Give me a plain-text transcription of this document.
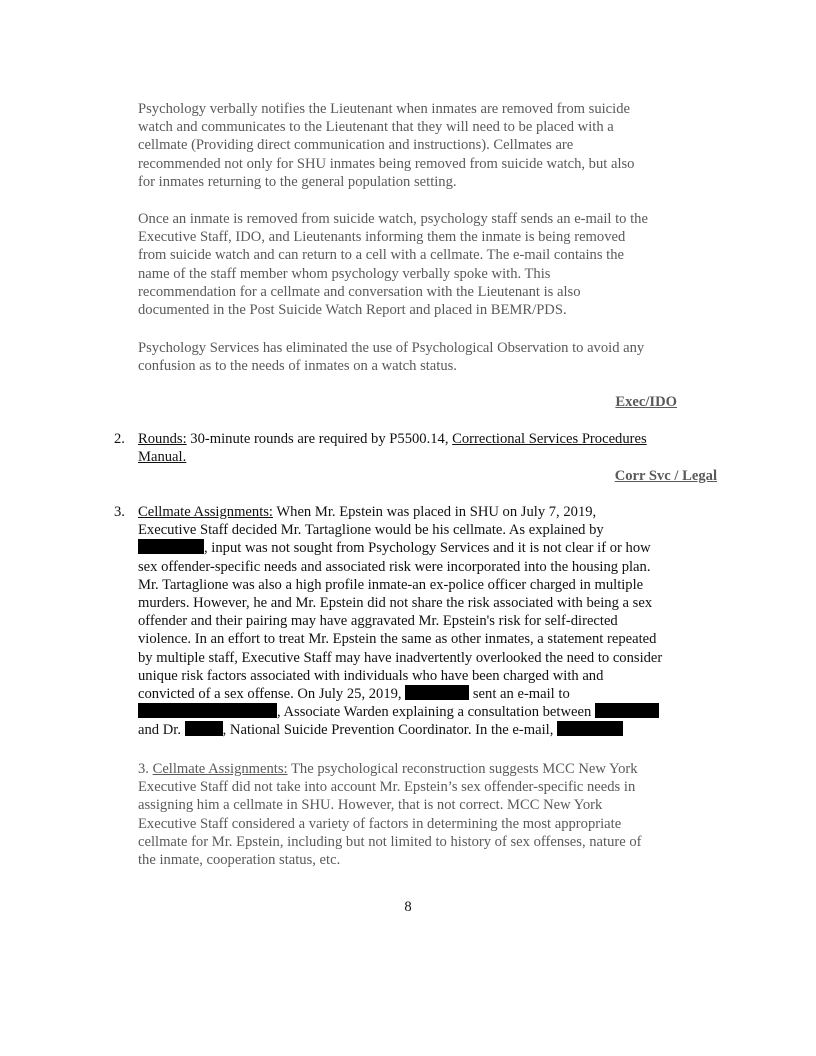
Psychology verbally notifies the Lieutenant when inmates are removed from suicide
watch and communicates to the Lieutenant that they will need to be placed with a
cellmate (Providing direct communication and instructions). Cellmates are
recommended not only for SHU inmates being removed from suicide watch, but also
for inmates returning to the general population setting.
Once an inmate is removed from suicide watch, psychology staff sends an e-mail to the
Executive Staff, IDO, and Lieutenants informing them the inmate is being removed
from suicide watch and can return to a cell with a cellmate. The e-mail contains the
name of the staff member whom psychology verbally spoke with. This
recommendation for a cellmate and conversation with the Lieutenant is also
documented in the Post Suicide Watch Report and placed in BEMR/PDS.
Psychology Services has eliminated the use of Psychological Observation to avoid any
confusion as to the needs of inmates on a watch status.
Exec/IDO
2. Rounds: 30-minute rounds are required by P5500.14, Correctional Services Procedures
Manual.
Corr Svc / Legal
3. Cellmate Assignments: When Mr. Epstein was placed in SHU on July 7, 2019,
Executive Staff decided Mr. Tartaglione would be his cellmate. As explained by
, input was not sought from Psychology Services and it is not clear if or how
sex offender-specific needs and associated risk were incorporated into the housing plan.
Mr. Tartaglione was also a high profile inmate-an ex-police officer charged in multiple
murders. However, he and Mr. Epstein did not share the risk associated with being a sex
offender and their pairing may have aggravated Mr. Epstein's risk for self-directed
violence. In an effort to treat Mr. Epstein the same as other inmates, a statement repeated
by multiple staff, Executive Staff may have inadvertently overlooked the need to consider
unique risk factors associated with individuals who have been charged with and
convicted of a sex offense. On July 25, 2019,	sent an e-mail to
, Associate Warden explaining a consultation between
and Dr.	, National Suicide Prevention Coordinator. In the e-mail,
3. Cellmate Assignments: The psychological reconstruction suggests MCC New York
Executive Staff did not take into account Mr. Epstein’s sex offender-specific needs in
assigning him a cellmate in SHU. However, that is not correct. MCC New York
Executive Staff considered a variety of factors in determining the most appropriate
cellmate for Mr. Epstein, including but not limited to history of sex offenses, nature of
the inmate, cooperation status, etc.
8
